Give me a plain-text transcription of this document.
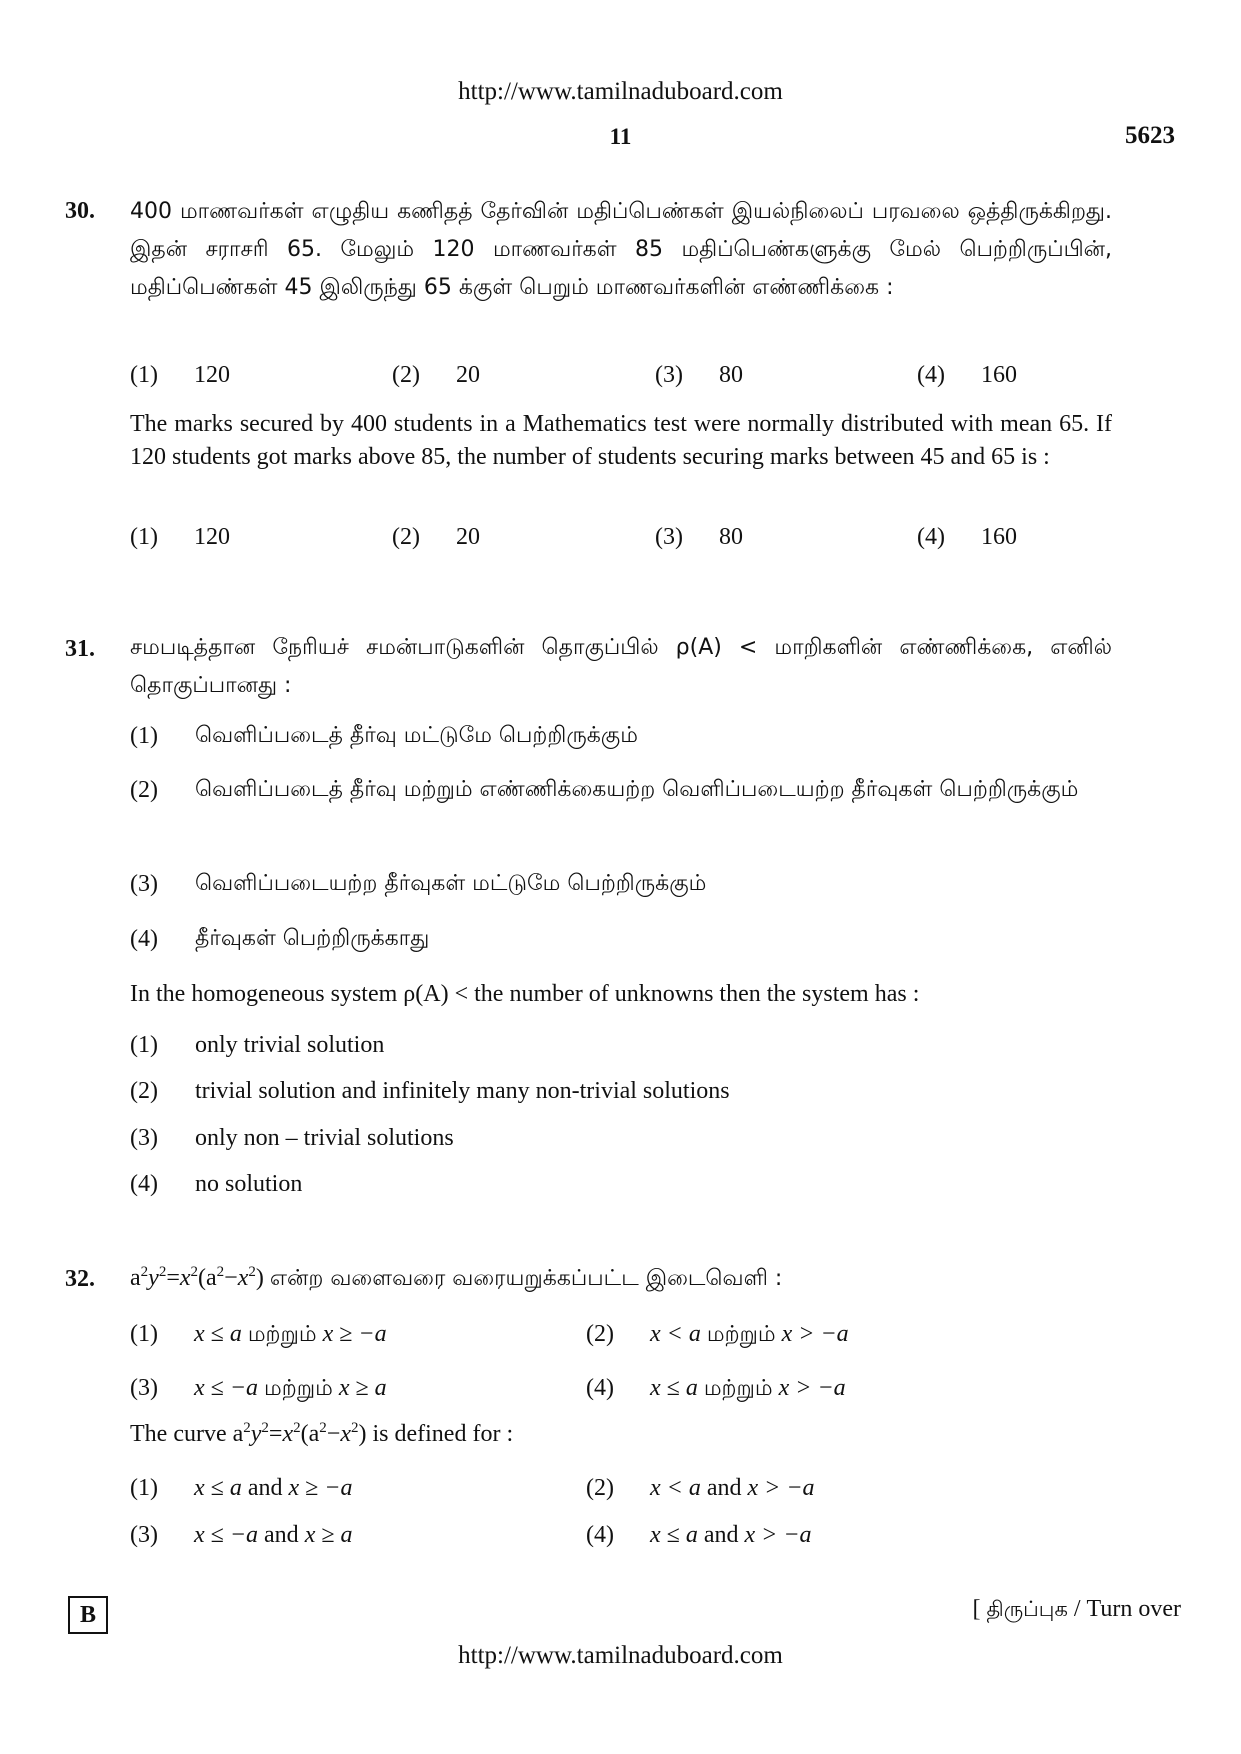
http://www.tamilnaduboard.com
11	5623
30. 400 மாணவர்கள் எழுதிய கணிதத் தேர்வின் மதிப்பெண்கள் இயல்நிலைப் பரவலை ஒத்திருக்கிறது. இதன் சராசரி 65. மேலும் 120 மாணவர்கள் 85 மதிப்பெண்களுக்கு மேல் பெற்றிருப்பின், மதிப்பெண்கள் 45 இலிருந்து 65 க்குள் பெறும் மாணவர்களின் எண்ணிக்கை :
(1) 120	(2) 20	(3) 80	(4) 160
The marks secured by 400 students in a Mathematics test were normally distributed with mean 65. If 120 students got marks above 85, the number of students securing marks between 45 and 65 is :
(1) 120	(2) 20	(3) 80	(4) 160
31. சமபடித்தான நேரியச் சமன்பாடுகளின் தொகுப்பில் ρ(A) < மாறிகளின் எண்ணிக்கை, எனில் தொகுப்பானது :
(1)	வெளிப்படைத் தீர்வு மட்டுமே பெற்றிருக்கும்
(2)	வெளிப்படைத் தீர்வு மற்றும் எண்ணிக்கையற்ற வெளிப்படையற்ற தீர்வுகள் பெற்றிருக்கும்
(3)	வெளிப்படையற்ற தீர்வுகள் மட்டுமே பெற்றிருக்கும்
(4)	தீர்வுகள் பெற்றிருக்காது
In the homogeneous system ρ(A) < the number of unknowns then the system has :
(1)	only trivial solution
(2)	trivial solution and infinitely many non-trivial solutions
(3)	only non – trivial solutions
(4)	no solution
32. $a^2y^2=x^2(a^2-x^2)$ என்ற வளைவரை வரையறுக்கப்பட்ட இடைவெளி :
(1) x ≤ a மற்றும் x ≥ −a	(2) x < a மற்றும் x > −a
(3) x ≤ −a மற்றும் x ≥ a	(4) x ≤ a மற்றும் x > −a
The curve $a^2y^2=x^2(a^2-x^2)$ is defined for :
(1) x ≤ a and x ≥ −a	(2) x < a and x > −a
(3) x ≤ −a and x ≥ a	(4) x ≤ a and x > −a
B	[ திருப்புக / Turn over
http://www.tamilnaduboard.com
